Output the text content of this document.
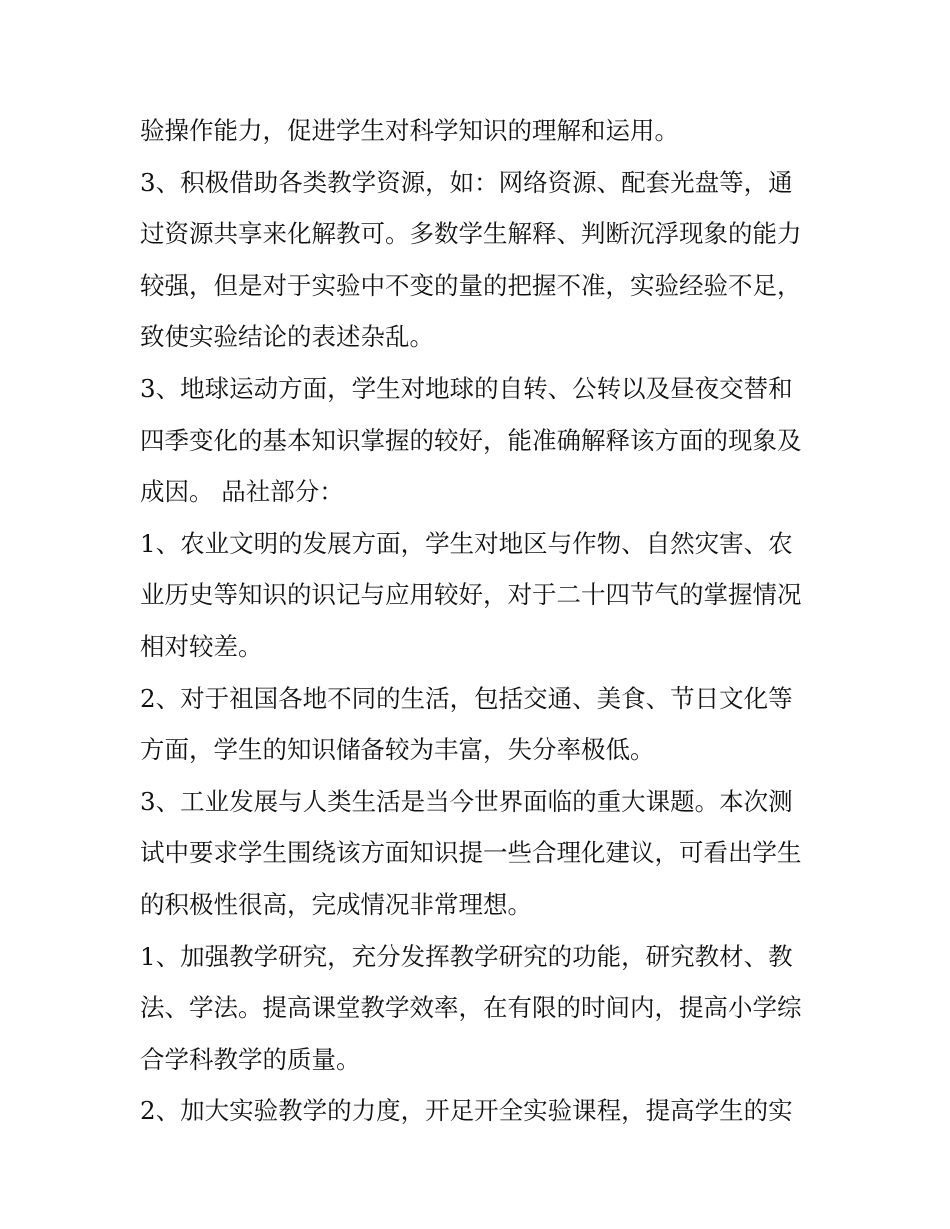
验操作能力，促进学生对科学知识的理解和运用。
3、积极借助各类教学资源，如：网络资源、配套光盘等，通
过资源共享来化解教可。多数学生解释、判断沉浮现象的能力
较强，但是对于实验中不变的量的把握不准，实验经验不足，
致使实验结论的表述杂乱。
3、地球运动方面，学生对地球的自转、公转以及昼夜交替和
四季变化的基本知识掌握的较好，能准确解释该方面的现象及
成因。 品社部分：
1、农业文明的发展方面，学生对地区与作物、自然灾害、农
业历史等知识的识记与应用较好，对于二十四节气的掌握情况
相对较差。
2、对于祖国各地不同的生活，包括交通、美食、节日文化等
方面，学生的知识储备较为丰富，失分率极低。
3、工业发展与人类生活是当今世界面临的重大课题。本次测
试中要求学生围绕该方面知识提一些合理化建议，可看出学生
的积极性很高，完成情况非常理想。
1、加强教学研究，充分发挥教学研究的功能，研究教材、教
法、学法。提高课堂教学效率，在有限的时间内，提高小学综
合学科教学的质量。
2、加大实验教学的力度，开足开全实验课程，提高学生的实
